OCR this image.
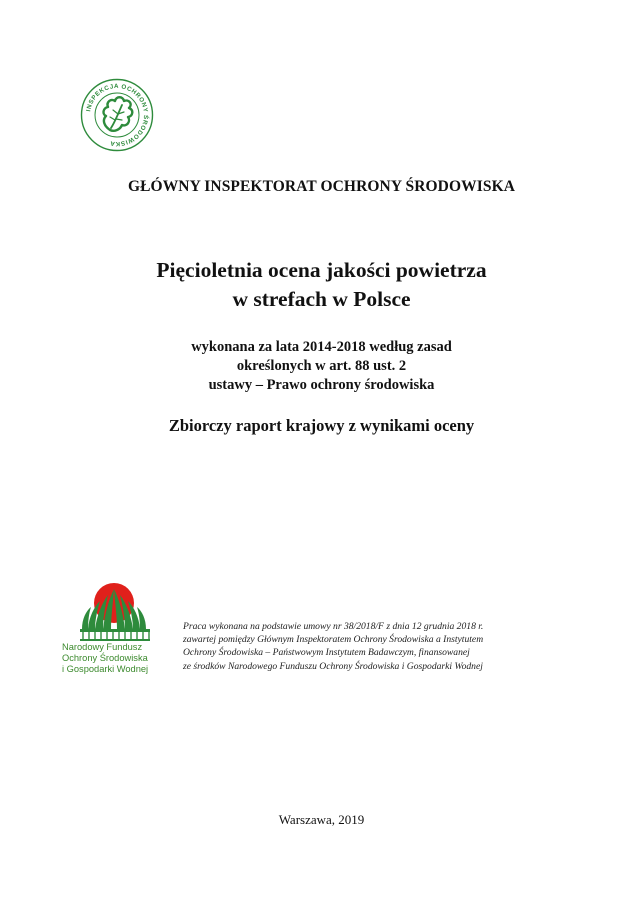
INSPEKCJA OCHRONY ŚRODOWISKA
GŁÓWNY INSPEKTORAT OCHRONY ŚRODOWISKA
Pięcioletnia ocena jakości powietrza
w strefach w Polsce
wykonana za lata 2014-2018 według zasad
określonych w art. 88 ust. 2
ustawy – Prawo ochrony środowiska
Zbiorczy raport krajowy z wynikami oceny
Narodowy Fundusz
Ochrony Środowiska
i Gospodarki Wodnej
Praca wykonana na podstawie umowy nr 38/2018/F z dnia 12 grudnia 2018 r.
zawartej pomiędzy Głównym Inspektoratem Ochrony Środowiska a Instytutem
Ochrony Środowiska – Państwowym Instytutem Badawczym, finansowanej
ze środków Narodowego Funduszu Ochrony Środowiska i Gospodarki Wodnej
Warszawa, 2019
